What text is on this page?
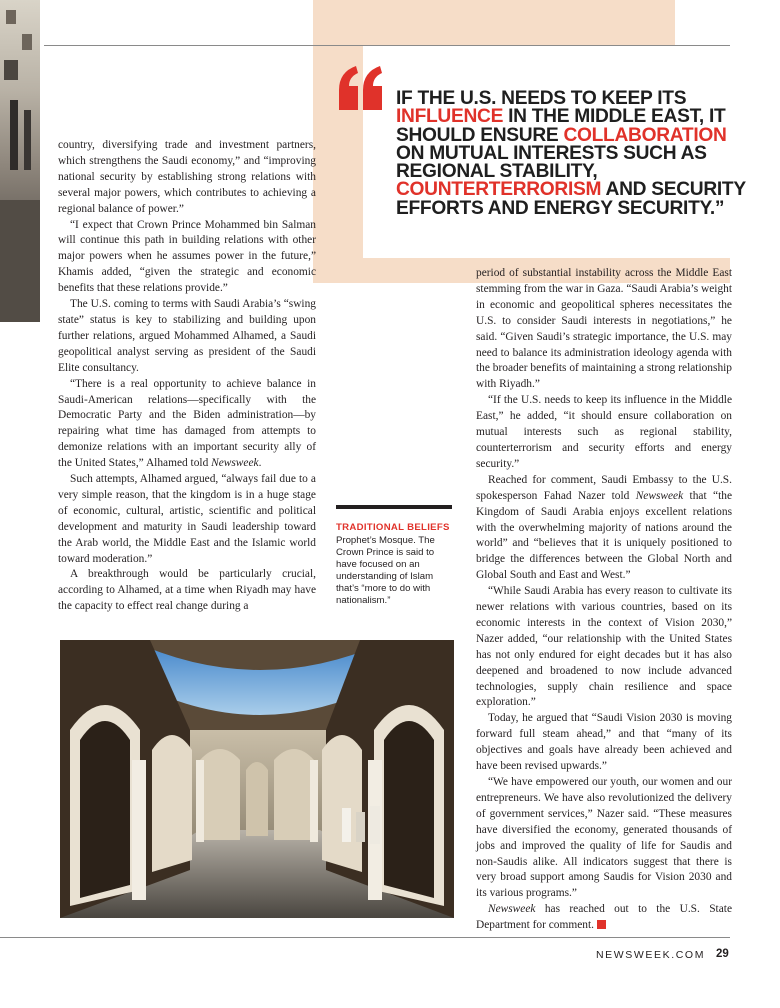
IF THE U.S. NEEDS TO KEEP ITS INFLUENCE IN THE MIDDLE EAST, IT SHOULD ENSURE COLLABORATION ON MUTUAL INTERESTS SUCH AS REGIONAL STABILITY, COUNTERTERRORISM AND SECURITY EFFORTS AND ENERGY SECURITY.”

country, diversifying trade and investment partners, which strengthens the Saudi economy,” and “improving national security by establishing strong relations with several major powers, which contributes to achieving a regional balance of power.”

“I expect that Crown Prince Mohammed bin Salman will continue this path in building relations with other major powers when he assumes power in the future,” Khamis added, “given the strategic and economic benefits that these relations provide.”

The U.S. coming to terms with Saudi Arabia’s “swing state” status is key to stabilizing and building upon further relations, argued Mohammed Alhamed, a Saudi geopolitical analyst serving as president of the Saudi Elite consultancy.

“There is a real opportunity to achieve balance in Saudi-American relations—specifically with the Democratic Party and the Biden administration—by repairing what time has damaged from attempts to demonize relations with an important security ally of the United States,” Alhamed told Newsweek.

Such attempts, Alhamed argued, “always fail due to a very simple reason, that the kingdom is in a huge stage of economic, cultural, artistic, scientific and political development and maturity in Saudi leadership toward the Arab world, the Middle East and the Islamic world toward moderation.”

A breakthrough would be particularly crucial, according to Alhamed, at a time when Riyadh may have the capacity to effect real change during a

TRADITIONAL BELIEFS
Prophet’s Mosque. The Crown Prince is said to have focused on an understanding of Islam that’s “more to do with nationalism.”

period of substantial instability across the Middle East stemming from the war in Gaza. “Saudi Arabia’s weight in economic and geopolitical spheres necessitates the U.S. to consider Saudi interests in negotiations,” he said. “Given Saudi’s strategic importance, the U.S. may need to balance its administration ideology agenda with the broader benefits of maintaining a strong relationship with Riyadh.”

“If the U.S. needs to keep its influence in the Middle East,” he added, “it should ensure collaboration on mutual interests such as regional stability, counterterrorism and security efforts and energy security.”

Reached for comment, Saudi Embassy to the U.S. spokesperson Fahad Nazer told Newsweek that “the Kingdom of Saudi Arabia enjoys excellent relations with the overwhelming majority of nations around the world” and “believes that it is uniquely positioned to bridge the differences between the Global North and Global South and East and West.”

“While Saudi Arabia has every reason to cultivate its newer relations with various countries, based on its economic interests in the context of Vision 2030,” Nazer added, “our relationship with the United States has not only endured for eight decades but it has also deepened and broadened to now include advanced technologies, supply chain resilience and space exploration.”

Today, he argued that “Saudi Vision 2030 is moving forward full steam ahead,” and that “many of its objectives and goals have already been achieved and have been revised upwards.”

“We have empowered our youth, our women and our entrepreneurs. We have also revolutionized the delivery of government services,” Nazer said. “These measures have diversified the economy, generated thousands of jobs and improved the quality of life for Saudis and non-Saudis alike. All indicators suggest that there is very broad support among Saudis for Vision 2030 and its various programs.”

Newsweek has reached out to the U.S. State Department for comment.

NEWSWEEK.COM 29
